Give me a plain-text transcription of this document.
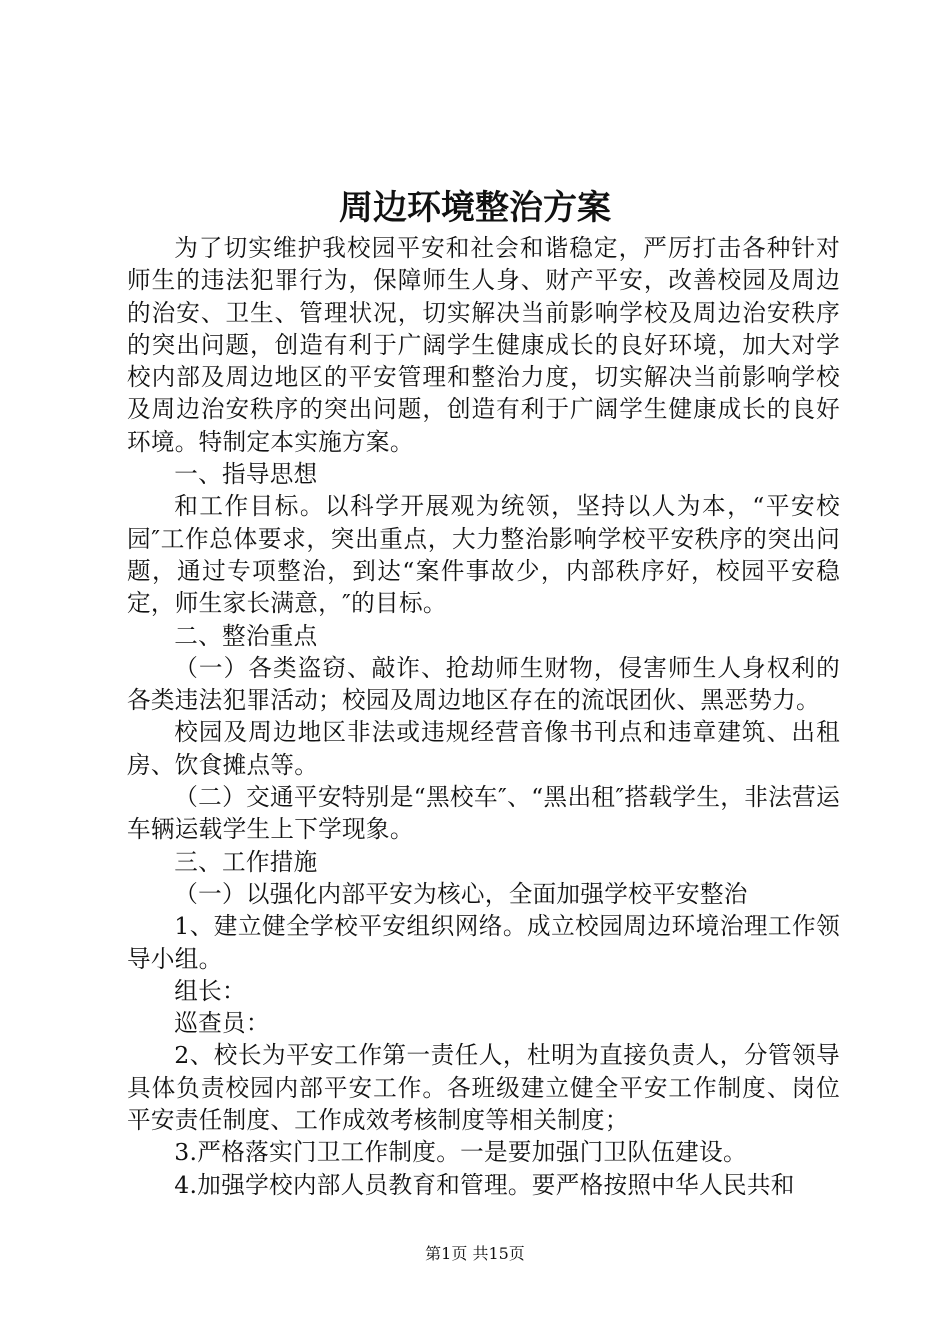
周边环境整治方案

为了切实维护我校园平安和社会和谐稳定，严厉打击各种针对师生的违法犯罪行为，保障师生人身、财产平安，改善校园及周边的治安、卫生、管理状况，切实解决当前影响学校及周边治安秩序的突出问题，创造有利于广阔学生健康成长的良好环境，加大对学校内部及周边地区的平安管理和整治力度，切实解决当前影响学校及周边治安秩序的突出问题，创造有利于广阔学生健康成长的良好环境。特制定本实施方案。

一、指导思想

和工作目标。以科学开展观为统领，坚持以人为本，“平安校园″工作总体要求，突出重点，大力整治影响学校平安秩序的突出问题，通过专项整治，到达“案件事故少，内部秩序好，校园平安稳定，师生家长满意，″的目标。

二、整治重点

（一）各类盗窃、敲诈、抢劫师生财物，侵害师生人身权利的各类违法犯罪活动；校园及周边地区存在的流氓团伙、黑恶势力。

校园及周边地区非法或违规经营音像书刊点和违章建筑、出租房、饮食摊点等。

（二）交通平安特别是“黑校车″、“黑出租″搭载学生，非法营运车辆运载学生上下学现象。

三、工作措施

（一）以强化内部平安为核心，全面加强学校平安整治

1、建立健全学校平安组织网络。成立校园周边环境治理工作领导小组。

组长：

巡查员：

2、校长为平安工作第一责任人，杜明为直接负责人，分管领导具体负责校园内部平安工作。各班级建立健全平安工作制度、岗位平安责任制度、工作成效考核制度等相关制度；

3.严格落实门卫工作制度。一是要加强门卫队伍建设。

4.加强学校内部人员教育和管理。要严格按照中华人民共和

第1页 共15页
